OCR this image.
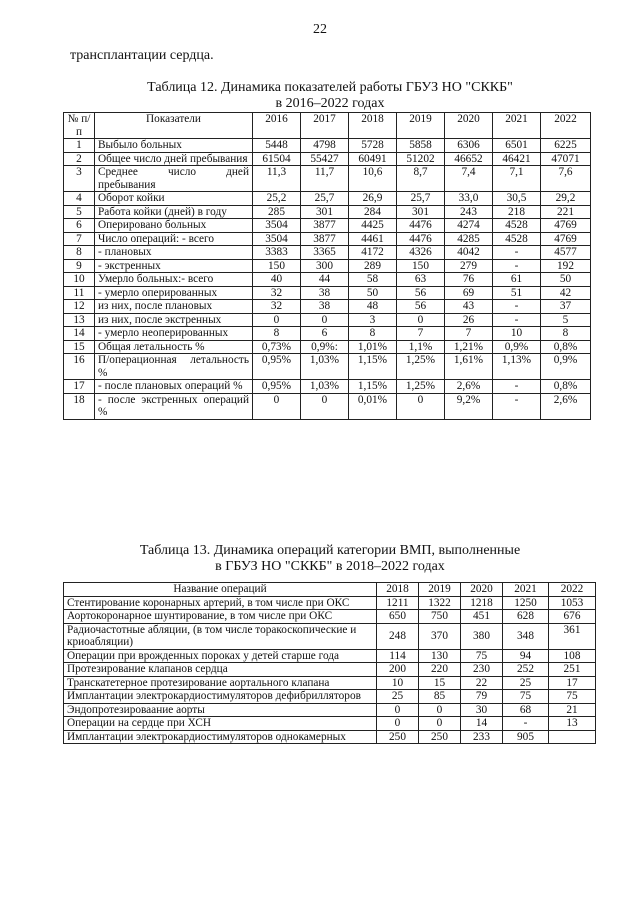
22
трансплантации сердца.
Таблица 12. Динамика показателей работы ГБУЗ НО "СККБ"
в 2016–2022 годах
№ п/п	Показатели	2016	2017	2018	2019	2020	2021	2022
1	Выбыло больных	5448	4798	5728	5858	6306	6501	6225
2	Общее число дней пребывания	61504	55427	60491	51202	46652	46421	47071
3	Среднее число дней пребывания	11,3	11,7	10,6	8,7	7,4	7,1	7,6
4	Оборот койки	25,2	25,7	26,9	25,7	33,0	30,5	29,2
5	Работа койки (дней) в году	285	301	284	301	243	218	221
6	Оперировано больных	3504	3877	4425	4476	4274	4528	4769
7	Число операций: - всего	3504	3877	4461	4476	4285	4528	4769
8	- плановых	3383	3365	4172	4326	4042	-	4577
9	- экстренных	150	300	289	150	279	-	192
10	Умерло больных:- всего	40	44	58	63	76	61	50
11	- умерло оперированных	32	38	50	56	69	51	42
12	из них, после плановых	32	38	48	56	43	-	37
13	из них, после экстренных	0	0	3	0	26	-	5
14	- умерло неоперированных	8	6	8	7	7	10	8
15	Общая летальность %	0,73%	0,9%:	1,01%	1,1%	1,21%	0,9%	0,8%
16	П/операционная летальность %	0,95%	1,03%	1,15%	1,25%	1,61%	1,13%	0,9%
17	- после плановых операций %	0,95%	1,03%	1,15%	1,25%	2,6%	-	0,8%
18	- после экстренных операций %	0	0	0,01%	0	9,2%	-	2,6%
Таблица 13. Динамика операций категории ВМП, выполненные
в ГБУЗ НО "СККБ" в 2018–2022 годах
Название операций	2018	2019	2020	2021	2022
Стентирование коронарных артерий, в том числе при ОКС	1211	1322	1218	1250	1053
Аортокоронарное шунтирование, в том числе при ОКС	650	750	451	628	676
Радиочастотные абляции, (в том числе торакоскопические и криоабляции)	248	370	380	348	361
Операции при врожденных пороках у детей старше года	114	130	75	94	108
Протезирование клапанов сердца	200	220	230	252	251
Транскатетерное протезирование аортального клапана	10	15	22	25	17
Имплантации электрокардиостимуляторов дефибрилляторов	25	85	79	75	75
Эндопротезироваание аорты	0	0	30	68	21
Операции на сердце при ХСН	0	0	14	-	13
Имплантации электрокардиостимуляторов однокамерных	250	250	233	905	
